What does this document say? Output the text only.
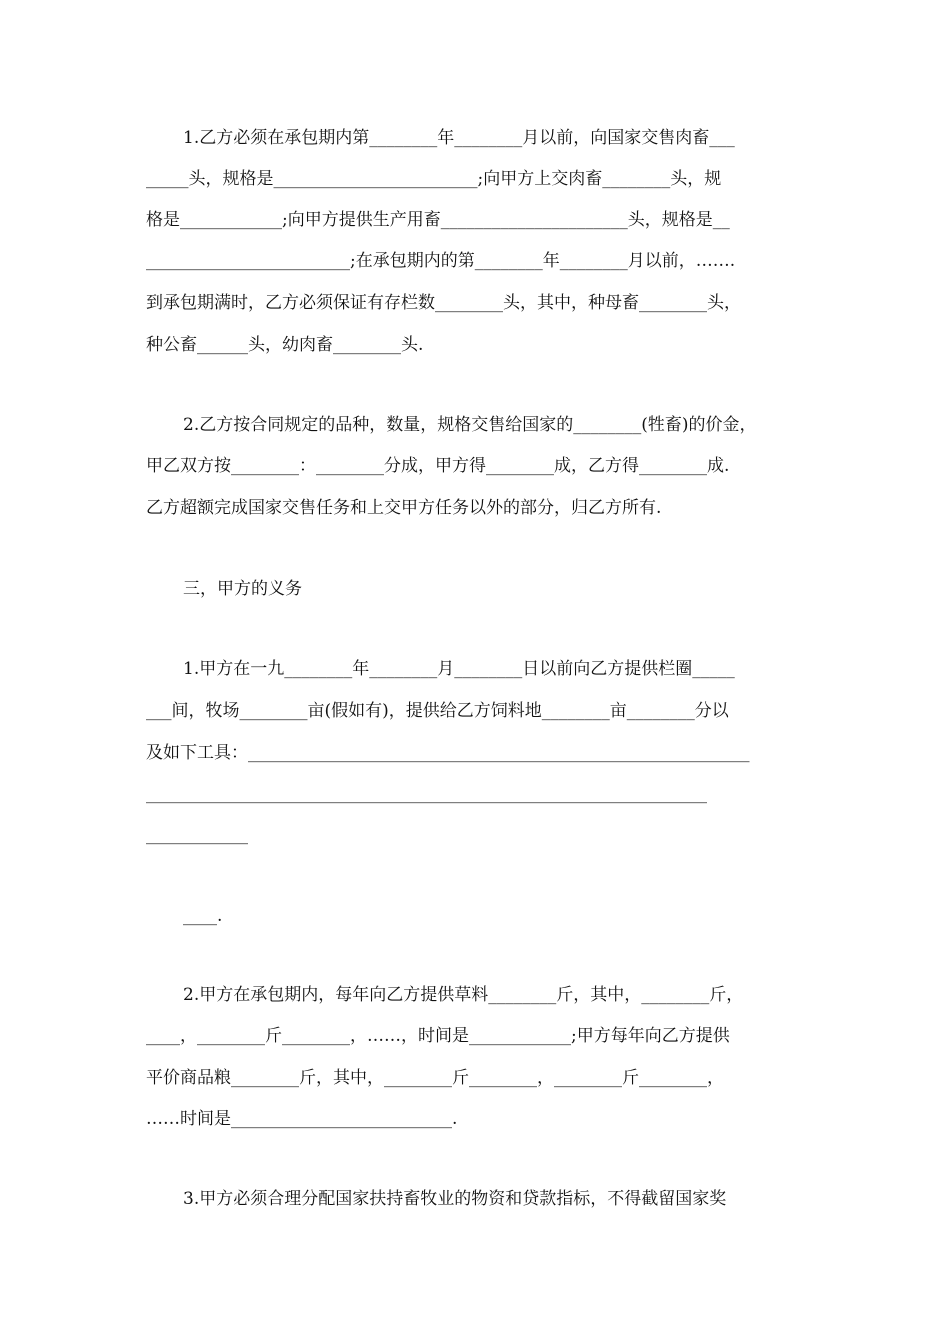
1.乙方必须在承包期内第________年________月以前，向国家交售肉畜___
_____头，规格是________________________;向甲方上交肉畜________头，规
格是____________;向甲方提供生产用畜______________________头，规格是__
________________________;在承包期内的第________年________月以前，…….
到承包期满时，乙方必须保证有存栏数________头，其中，种母畜________头，
种公畜______头，幼肉畜________头.
2.乙方按合同规定的品种，数量，规格交售给国家的________(牲畜)的价金，
甲乙双方按________：________分成，甲方得________成，乙方得________成.
乙方超额完成国家交售任务和上交甲方任务以外的部分，归乙方所有.
三，甲方的义务
1.甲方在一九________年________月________日以前向乙方提供栏圈_____
___间，牧场________亩(假如有)，提供给乙方饲料地________亩________分以
及如下工具：___________________________________________________________
__________________________________________________________________
____________
____.
2.甲方在承包期内，每年向乙方提供草料________斤，其中，________斤，
____，________斤________，……，时间是____________;甲方每年向乙方提供
平价商品粮________斤，其中，________斤________，________斤________，
……时间是__________________________.
3.甲方必须合理分配国家扶持畜牧业的物资和贷款指标，不得截留国家奖
